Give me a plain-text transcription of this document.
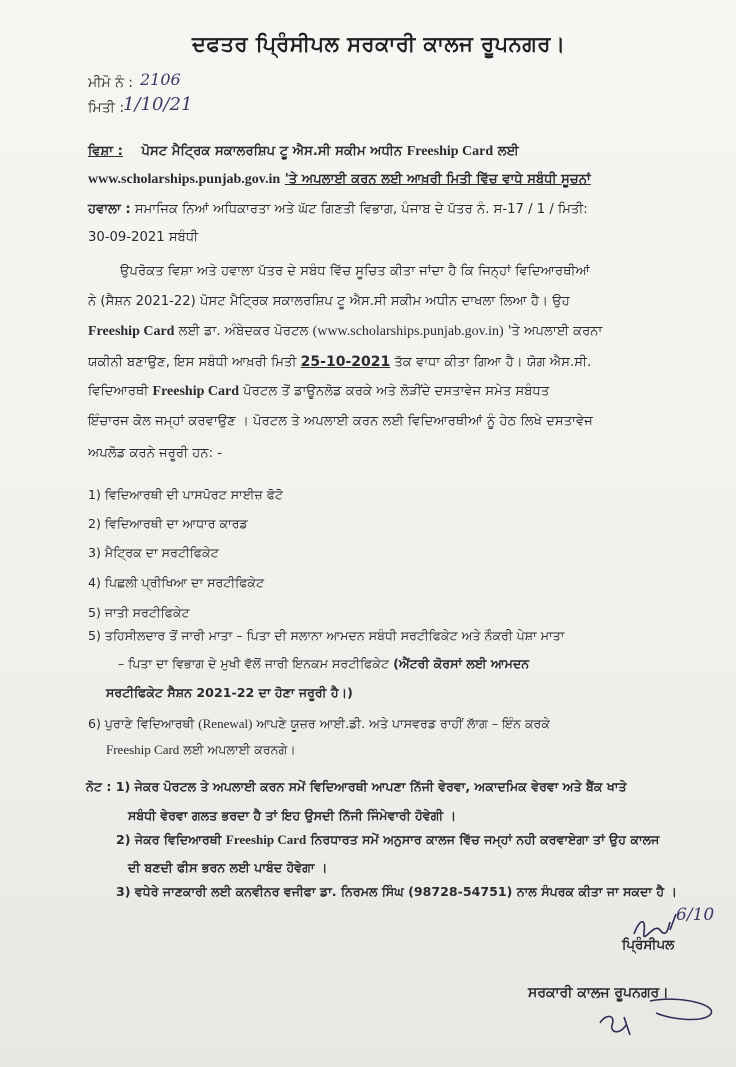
ਦਫਤਰ ਪ੍ਰਿੰਸੀਪਲ ਸਰਕਾਰੀ ਕਾਲਜ ਰੂਪਨਗਰ।
ਮੀਮੋ ਨੰ : 2106
ਮਿਤੀ :
1/10/21
ਵਿਸ਼ਾ : ਪੋਸਟ ਮੈਟ੍ਰਿਕ ਸਕਾਲਰਸ਼ਿਪ ਟੂ ਐਸ.ਸੀ ਸਕੀਮ ਅਧੀਨ Freeship Card ਲਈ
www.scholarships.punjab.gov.in 'ਤੇ ਅਪਲਾਈ ਕਰਨ ਲਈ ਆਖ਼ਰੀ ਮਿਤੀ ਵਿੱਚ ਵਾਧੇ ਸਬੰਧੀ ਸੂਚਨਾਂ
ਹਵਾਲਾ : ਸਮਾਜਿਕ ਨਿਆਂ ਅਧਿਕਾਰਤਾ ਅਤੇ ਘੱਟ ਗਿਣਤੀ ਵਿਭਾਗ, ਪੰਜਾਬ ਦੇ ਪੱਤਰ ਨੰ. ਸ-17 / 1 / ਮਿਤੀ:
30-09-2021 ਸਬੰਧੀ
ਉਪਰੋਕਤ ਵਿਸ਼ਾ ਅਤੇ ਹਵਾਲਾ ਪੱਤਰ ਦੇ ਸਬੰਧ ਵਿੱਚ ਸੂਚਿਤ ਕੀਤਾ ਜਾਂਦਾ ਹੈ ਕਿ ਜਿਨ੍ਹਾਂ ਵਿਦਿਆਰਥੀਆਂ
ਨੇ (ਸੈਸ਼ਨ 2021-22) ਪੋਸਟ ਮੈਟ੍ਰਿਕ ਸਕਾਲਰਸ਼ਿਪ ਟੂ ਐਸ.ਸੀ ਸਕੀਮ ਅਧੀਨ ਦਾਖਲਾ ਲਿਆ ਹੈ। ਉਹ
Freeship Card ਲਈ ਡਾ. ਅੰਬੇਦਕਰ ਪੋਰਟਲ (www.scholarships.punjab.gov.in) 'ਤੇ ਅਪਲਾਈ ਕਰਨਾ
ਯਕੀਨੀ ਬਣਾਉਣ, ਇਸ ਸਬੰਧੀ ਆਖ਼ਰੀ ਮਿਤੀ 25-10-2021 ਤੱਕ ਵਾਧਾ ਕੀਤਾ ਗਿਆ ਹੈ। ਯੋਗ ਐਸ.ਸੀ.
ਵਿਦਿਆਰਥੀ Freeship Card ਪੋਰਟਲ ਤੋਂ ਡਾਊਨਲੋਡ ਕਰਕੇ ਅਤੇ ਲੋੜੀਂਦੇ ਦਸਤਾਵੇਜ ਸਮੇਤ ਸਬੰਧਤ
ਇੰਚਾਰਜ ਕੋਲ ਜਮ੍ਹਾਂ ਕਰਵਾਉਣ । ਪੋਰਟਲ ਤੇ ਅਪਲਾਈ ਕਰਨ ਲਈ ਵਿਦਿਆਰਥੀਆਂ ਨੂੰ ਹੇਠ ਲਿਖੇ ਦਸਤਾਵੇਜ
ਅਪਲੋਡ ਕਰਨੇ ਜਰੂਰੀ ਹਨ: -
1) ਵਿਦਿਆਰਥੀ ਦੀ ਪਾਸਪੋਰਟ ਸਾਈਜ਼ ਫੋਟੋ
2) ਵਿਦਿਆਰਥੀ ਦਾ ਆਧਾਰ ਕਾਰਡ
3) ਮੈਟ੍ਰਿਕ ਦਾ ਸਰਟੀਫਿਕੇਟ
4) ਪਿਛਲੀ ਪ੍ਰੀਖਿਆ ਦਾ ਸਰਟੀਫਿਕੇਟ
5) ਜਾਤੀ ਸਰਟੀਫਿਕੇਟ
5) ਤਹਿਸੀਲਦਾਰ ਤੋਂ ਜਾਰੀ ਮਾਤਾ – ਪਿਤਾ ਦੀ ਸਲਾਨਾ ਆਮਦਨ ਸਬੰਧੀ ਸਰਟੀਫਿਕੇਟ ਅਤੇ ਨੌਕਰੀ ਪੇਸ਼ਾ ਮਾਤਾ
– ਪਿਤਾ ਦਾ ਵਿਭਾਗ ਦੇ ਮੁਖੀ ਵੱਲੋਂ ਜਾਰੀ ਇਨਕਮ ਸਰਟੀਫਿਕੇਟ (ਐਂਟਰੀ ਕੋਰਸਾਂ ਲਈ ਆਮਦਨ
ਸਰਟੀਫਿਕੇਟ ਸੈਸ਼ਨ 2021-22 ਦਾ ਹੋਣਾ ਜਰੂਰੀ ਹੈ।)
6) ਪੁਰਾਣੇ ਵਿਦਿਆਰਥੀ (Renewal) ਆਪਣੇ ਯੂਜ਼ਰ ਆਈ.ਡੀ. ਅਤੇ ਪਾਸਵਰਡ ਰਾਹੀਂ ਲਾੱਗ – ਇੰਨ ਕਰਕੇ
Freeship Card ਲਈ ਅਪਲਾਈ ਕਰਨਗੇ।
ਨੋਟ : 1) ਜੇਕਰ ਪੋਰਟਲ ਤੇ ਅਪਲਾਈ ਕਰਨ ਸਮੇਂ ਵਿਦਿਆਰਥੀ ਆਪਣਾ ਨਿੱਜੀ ਵੇਰਵਾ, ਅਕਾਦਮਿਕ ਵੇਰਵਾ ਅਤੇ ਬੈਂਕ ਖਾਤੇ
ਸਬੰਧੀ ਵੇਰਵਾ ਗਲਤ ਭਰਦਾ ਹੈ ਤਾਂ ਇਹ ਉਸਦੀ ਨਿੱਜੀ ਜਿੰਮੇਵਾਰੀ ਹੋਵੇਗੀ ।
2) ਜੇਕਰ ਵਿਦਿਆਰਥੀ Freeship Card ਨਿਰਧਾਰਤ ਸਮੇਂ ਅਨੁਸਾਰ ਕਾਲਜ ਵਿੱਚ ਜਮ੍ਹਾਂ ਨਹੀ ਕਰਵਾਏਗਾ ਤਾਂ ਉਹ ਕਾਲਜ
ਦੀ ਬਣਦੀ ਫੀਸ ਭਰਨ ਲਈ ਪਾਬੰਦ ਹੋਵੇਗਾ ।
3) ਵਧੇਰੇ ਜਾਣਕਾਰੀ ਲਈ ਕਨਵੀਨਰ ਵਜੀਫਾ ਡਾ. ਨਿਰਮਲ ਸਿੰਘ (98728-54751) ਨਾਲ ਸੰਪਰਕ ਕੀਤਾ ਜਾ ਸਕਦਾ ਹੈ ।
6/10
ਪ੍ਰਿੰਸੀਪਲ
ਸਰਕਾਰੀ ਕਾਲਜ ਰੂਪਨਗਰ।
